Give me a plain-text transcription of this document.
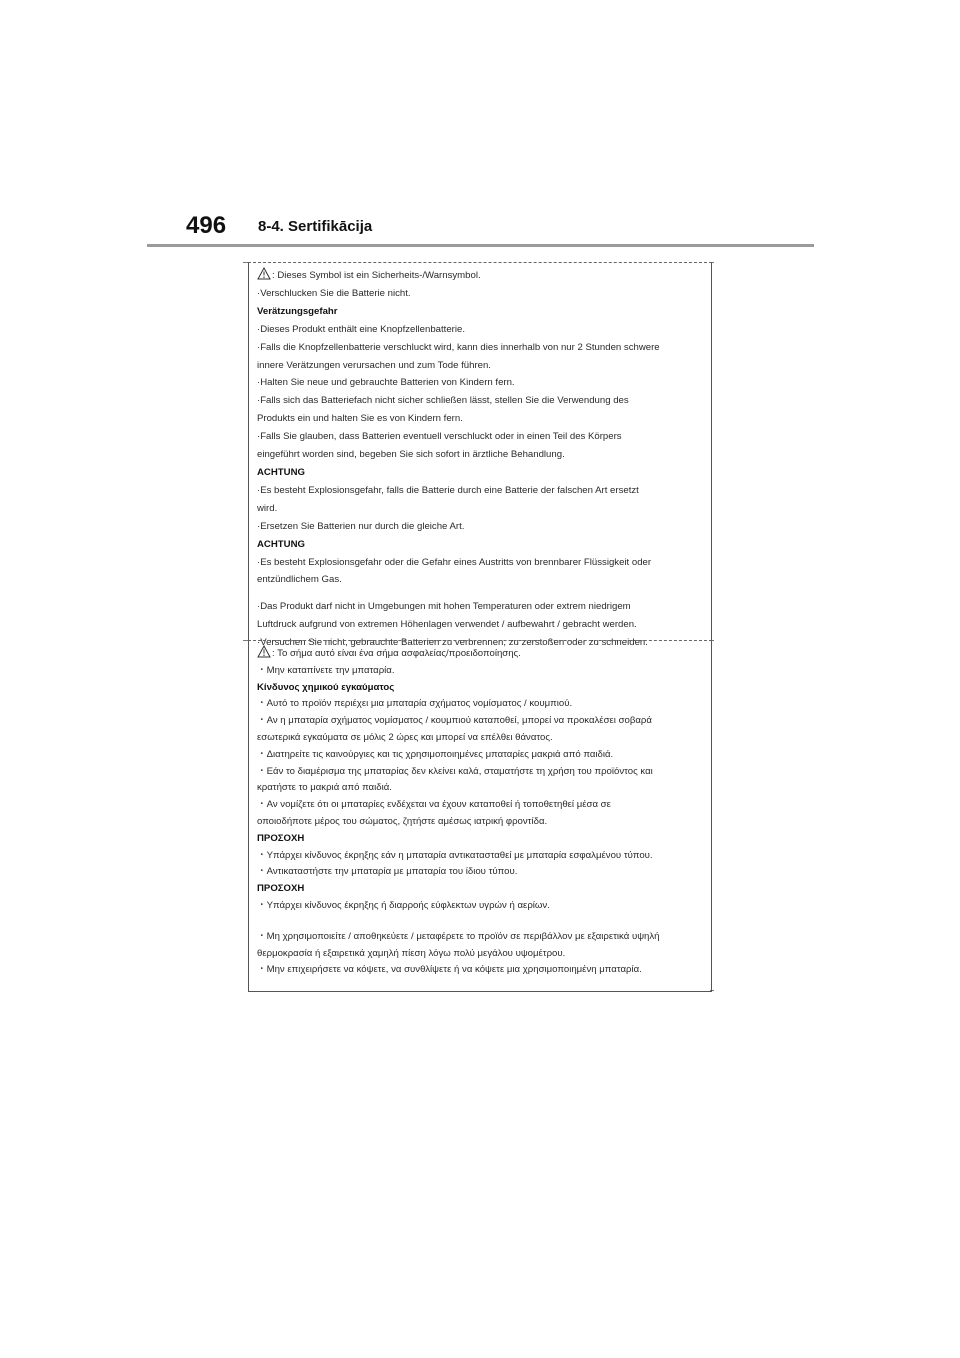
496 8-4. Sertifikācija
: Dieses Symbol ist ein Sicherheits-/Warnsymbol.
·Verschlucken Sie die Batterie nicht.
Verätzungsgefahr
·Dieses Produkt enthält eine Knopfzellenbatterie.
·Falls die Knopfzellenbatterie verschluckt wird, kann dies innerhalb von nur 2 Stunden schwere
innere Verätzungen verursachen und zum Tode führen.
·Halten Sie neue und gebrauchte Batterien von Kindern fern.
·Falls sich das Batteriefach nicht sicher schließen lässt, stellen Sie die Verwendung des
Produkts ein und halten Sie es von Kindern fern.
·Falls Sie glauben, dass Batterien eventuell verschluckt oder in einen Teil des Körpers
eingeführt worden sind, begeben Sie sich sofort in ärztliche Behandlung.
ACHTUNG
·Es besteht Explosionsgefahr, falls die Batterie durch eine Batterie der falschen Art ersetzt
wird.
·Ersetzen Sie Batterien nur durch die gleiche Art.
ACHTUNG
·Es besteht Explosionsgefahr oder die Gefahr eines Austritts von brennbarer Flüssigkeit oder
entzündlichem Gas.
·Das Produkt darf nicht in Umgebungen mit hohen Temperaturen oder extrem niedrigem
Luftdruck aufgrund von extremen Höhenlagen verwendet / aufbewahrt / gebracht werden.
·Versuchen Sie nicht, gebrauchte Batterien zu verbrennen, zu zerstoßen oder zu schneiden.
: Το σήμα αυτό είναι ένα σήμα ασφαλείας/προειδοποίησης.
・Μην καταπίνετε την μπαταρία.
Κίνδυνος χημικού εγκαύματος
・Αυτό το προϊόν περιέχει μια μπαταρία σχήματος νομίσματος / κουμπιού.
・Αν η μπαταρία σχήματος νομίσματος / κουμπιού καταποθεί, μπορεί να προκαλέσει σοβαρά
εσωτερικά εγκαύματα σε μόλις 2 ώρες και μπορεί να επέλθει θάνατος.
・Διατηρείτε τις καινούργιες και τις χρησιμοποιημένες μπαταρίες μακριά από παιδιά.
・Εάν το διαμέρισμα της μπαταρίας δεν κλείνει καλά, σταματήστε τη χρήση του προϊόντος και
κρατήστε το μακριά από παιδιά.
・Αν νομίζετε ότι οι μπαταρίες ενδέχεται να έχουν καταποθεί ή τοποθετηθεί μέσα σε
οποιοδήποτε μέρος του σώματος, ζητήστε αμέσως ιατρική φροντίδα.
ΠΡΟΣΟΧΗ
・Υπάρχει κίνδυνος έκρηξης εάν η μπαταρία αντικατασταθεί με μπαταρία εσφαλμένου τύπου.
・Αντικαταστήστε την μπαταρία με μπαταρία του ίδιου τύπου.
ΠΡΟΣΟΧΗ
・Υπάρχει κίνδυνος έκρηξης ή διαρροής εύφλεκτων υγρών ή αερίων.
・Μη χρησιμοποιείτε / αποθηκεύετε / μεταφέρετε το προϊόν σε περιβάλλον με εξαιρετικά υψηλή
θερμοκρασία ή εξαιρετικά χαμηλή πίεση λόγω πολύ μεγάλου υψομέτρου.
・Μην επιχειρήσετε να κόψετε, να συνθλίψετε ή να κόψετε μια χρησιμοποιημένη μπαταρία.
